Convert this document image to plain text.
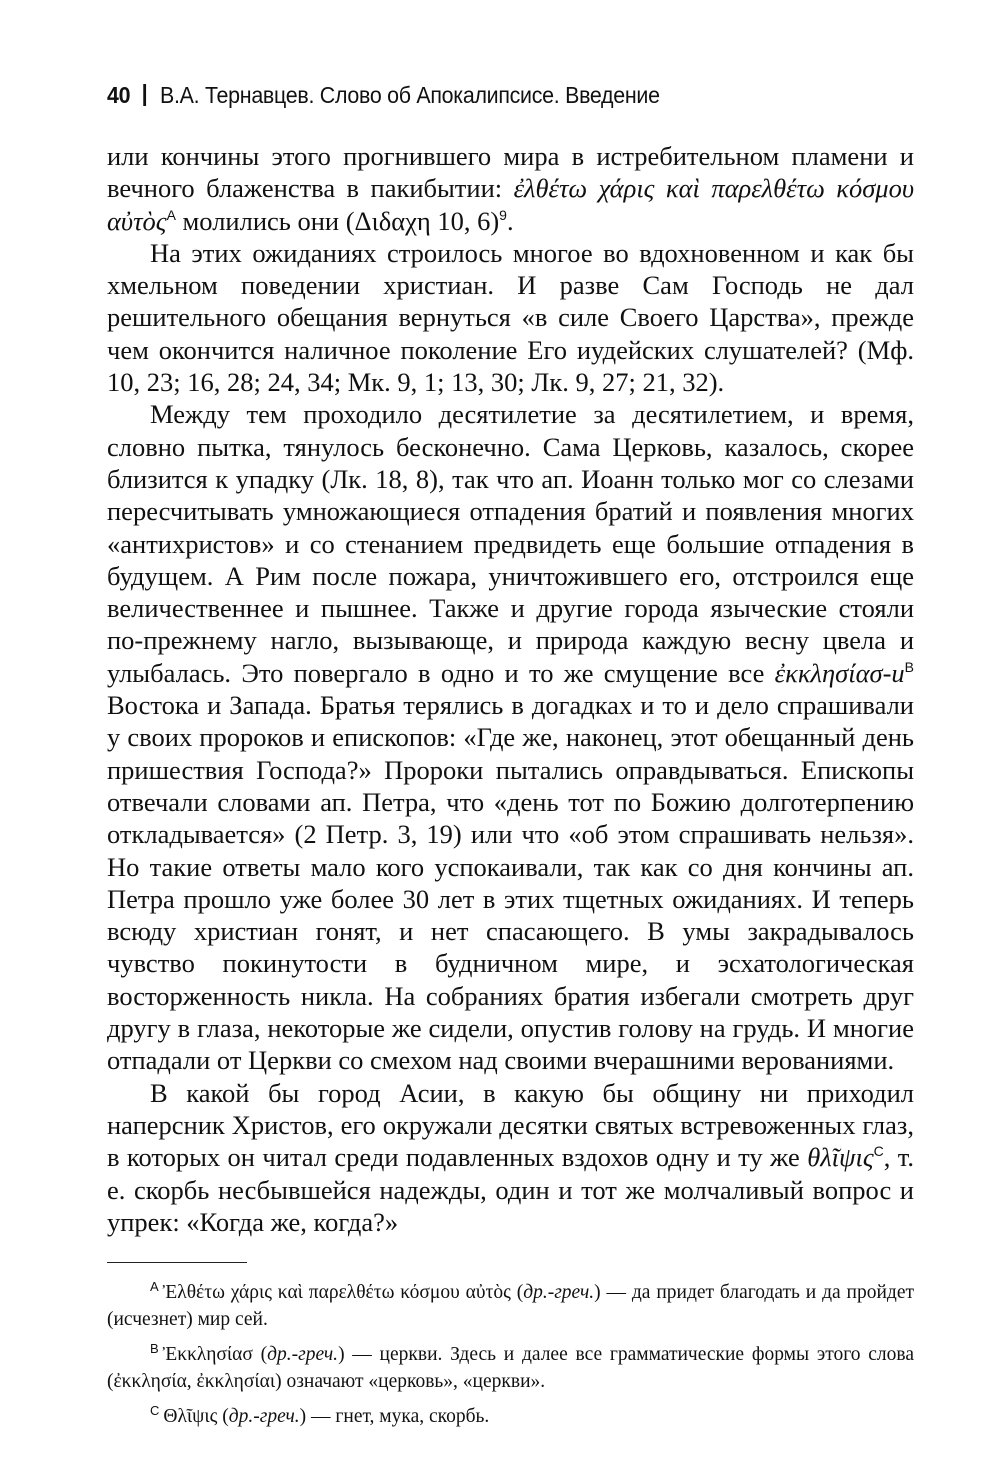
40 В.А. Тернавцев. Слово об Апокалипсисе. Введение

или кончины этого прогнившего мира в истребительном пламени и вечного блаженства в пакибытии: ἐλθέτω χάρις καὶ παρελθέτω κόσμου αὐτὸς$^A$ молились они (Διδαχη 10, 6)$^9$.

На этих ожиданиях строилось многое во вдохновенном и как бы хмельном поведении христиан. И разве Сам Господь не дал решительного обещания вернуться «в силе Своего Царства», прежде чем окончится наличное поколение Его иудейских слушателей? (Мф. 10, 23; 16, 28; 24, 34; Мк. 9, 1; 13, 30; Лк. 9, 27; 21, 32).

Между тем проходило десятилетие за десятилетием, и время, словно пытка, тянулось бесконечно. Сама Церковь, казалось, скорее близится к упадку (Лк. 18, 8), так что ап. Иоанн только мог со слезами пересчитывать умножающиеся отпадения братий и появления многих «антихристов» и со стенанием предвидеть еще большие отпадения в будущем. А Рим после пожара, уничтожившего его, отстроился еще величественнее и пышнее. Также и другие города языческие стояли по-прежнему нагло, вызывающе, и природа каждую весну цвела и улыбалась. Это повергало в одно и то же смущение все ἐκκλησίασ-и$^B$ Востока и Запада. Братья терялись в догадках и то и дело спрашивали у своих пророков и епископов: «Где же, наконец, этот обещанный день пришествия Господа?» Пророки пытались оправдываться. Епископы отвечали словами ап. Петра, что «день тот по Божию долготерпению откладывается» (2 Петр. 3, 19) или что «об этом спрашивать нельзя». Но такие ответы мало кого успокаивали, так как со дня кончины ап. Петра прошло уже более 30 лет в этих тщетных ожиданиях. И теперь всюду христиан гонят, и нет спасающего. В умы закрадывалось чувство покинутости в будничном мире, и эсхатологическая восторженность никла. На собраниях братия избегали смотреть друг другу в глаза, некоторые же сидели, опустив голову на грудь. И многие отпадали от Церкви со смехом над своими вчерашними верованиями.

В какой бы город Асии, в какую бы общину ни приходил наперсник Христов, его окружали десятки святых встревоженных глаз, в которых он читал среди подавленных вздохов одну и ту же θλῖψις$^C$, т. е. скорбь несбывшейся надежды, один и тот же молчаливый вопрос и упрек: «Когда же, когда?»

$^A$ Ἐλθέτω χάρις καὶ παρελθέτω κόσμου αὐτὸς (др.-греч.) — да придет благодать и да пройдет (исчезнет) мир сей.

$^B$ Ἐκκλησίασ (др.-греч.) — церкви. Здесь и далее все грамматические формы этого слова (ἐκκλησία, ἐκκλησίαι) означают «церковь», «церкви».

$^C$ Θλῖψις (др.-греч.) — гнет, мука, скорбь.
